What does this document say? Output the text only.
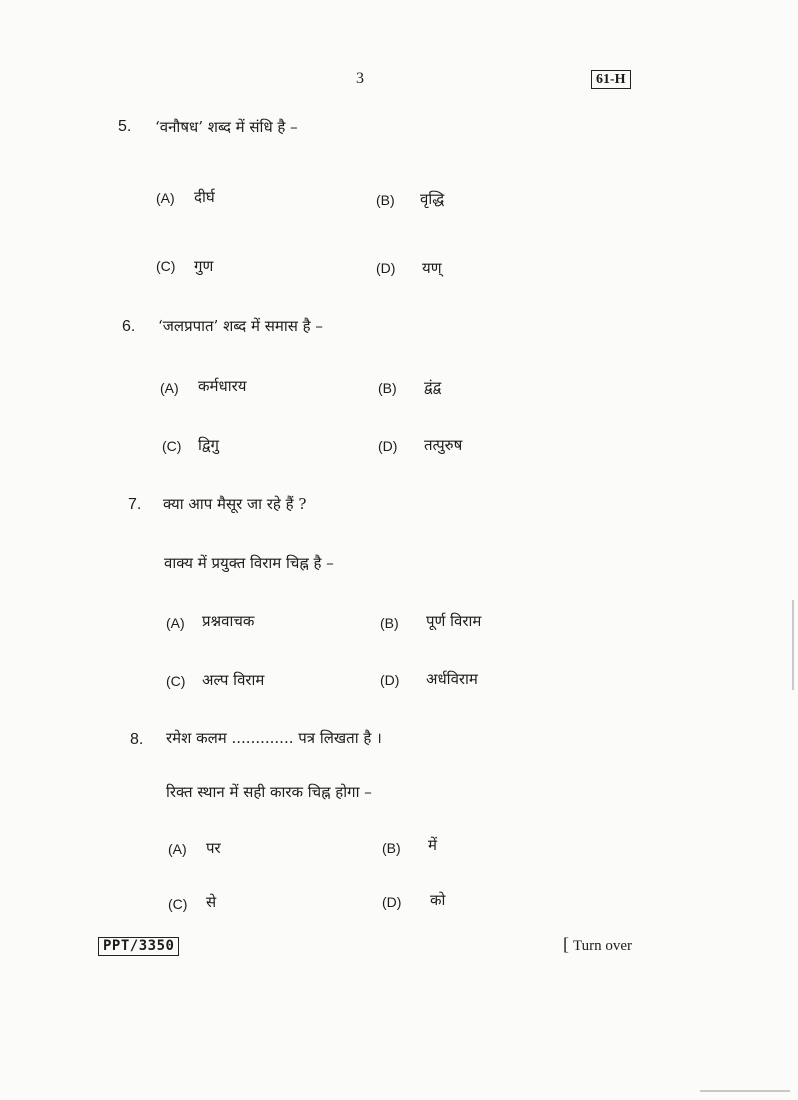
3	61-H
5. ‘वनौषध’ शब्द में संधि है –
(A) दीर्घ	(B) वृद्धि
(C) गुण	(D) यण्
6. ‘जलप्रपात’ शब्द में समास है –
(A) कर्मधारय	(B) द्वंद्व
(C) द्विगु	(D) तत्पुरुष
7. क्या आप मैसूर जा रहे हैं ?
वाक्य में प्रयुक्त विराम चिह्न है –
(A) प्रश्नवाचक	(B) पूर्ण विराम
(C) अल्प विराम	(D) अर्धविराम
8. रमेश कलम ............. पत्र लिखता है ।
रिक्त स्थान में सही कारक चिह्न होगा –
(A) पर	(B) में
(C) से	(D) को
PPT/3350	[ Turn over
